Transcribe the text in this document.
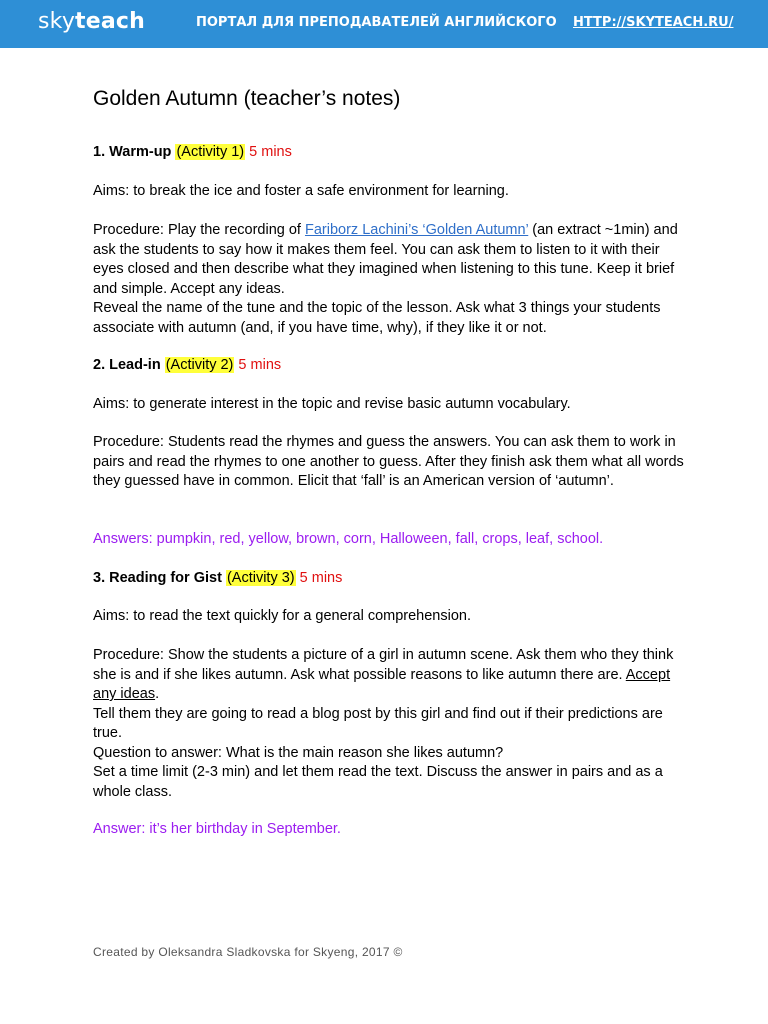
skyteach	ПОРТАЛ ДЛЯ ПРЕПОДАВАТЕЛЕЙ АНГЛИЙСКОГО HTTP://SKYTEACH.RU/
Golden Autumn (teacher’s notes)
1. Warm-up (Activity 1) 5 mins
Aims: to break the ice and foster a safe environment for learning.

Procedure: Play the recording of Fariborz Lachini’s ‘Golden Autumn’ (an extract ~1min) and ask the students to say how it makes them feel. You can ask them to listen to it with their eyes closed and then describe what they imagined when listening to this tune. Keep it brief and simple. Accept any ideas.

Reveal the name of the tune and the topic of the lesson. Ask what 3 things your students associate with autumn (and, if you have time, why), if they like it or not.

2. Lead-in (Activity 2) 5 mins
Aims: to generate interest in the topic and revise basic autumn vocabulary.
Procedure: Students read the rhymes and guess the answers. You can ask them to work in pairs and read the rhymes to one another to guess. After they finish ask them what all words they guessed have in common. Elicit that ‘fall’ is an American version of ‘autumn’.
Answers: pumpkin, red, yellow, brown, corn, Halloween, fall, crops, leaf, school.
3. Reading for Gist (Activity 3) 5 mins
Aims: to read the text quickly for a general comprehension.

Procedure: Show the students a picture of a girl in autumn scene. Ask them who they think she is and if she likes autumn. Ask what possible reasons to like autumn there are. Accept any ideas.

Tell them they are going to read a blog post by this girl and find out if their predictions are true.

Question to answer: What is the main reason she likes autumn?

Set a time limit (2-3 min) and let them read the text. Discuss the answer in pairs and as a whole class.

Answer: it’s her birthday in September.
Created by Oleksandra Sladkovska for Skyeng, 2017 ©
